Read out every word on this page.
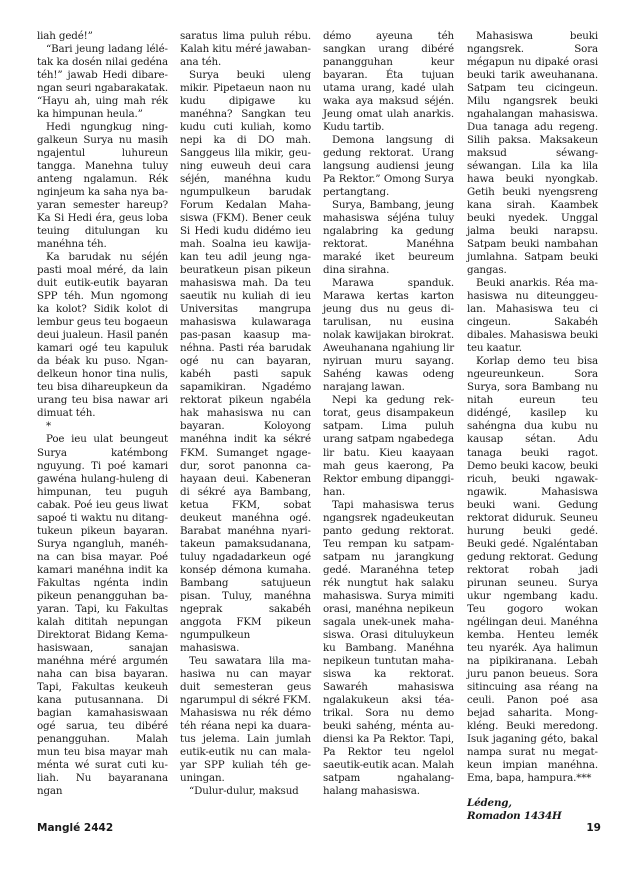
liah gedé!”

“Bari jeung ladang lélétak ka dosén nilai gedéna téh!” jawab Hedi dibarengan seuri ngabarakatak. “Hayu ah, uing mah rék ka himpunan heula.”

Hedi ngungkug ninggalkeun Surya nu masih ngajentul luhureun tangga. Manehna tuluy anteng ngalamun. Rék nginjeum ka saha nya bayaran semester hareup? Ka Si Hedi éra, geus loba teuing ditulungan ku manéhna téh.

Ka barudak nu séjén pasti moal méré, da lain duit eutik-eutik bayaran SPP téh. Mun ngomong ka kolot? Sidik kolot di lembur geus teu bogaeun deui jualeun. Hasil panén kamari ogé teu kapuluk da béak ku puso. Ngandelkeun honor tina nulis, teu bisa dihareupkeun da urang teu bisa nawar ari dimuat téh.

*

Poe ieu ulat beungeut Surya katémbong nguyung. Ti poé kamari gawéna hulang-huleng di himpunan, teu puguh cabak. Poé ieu geus liwat sapoé ti waktu nu ditangtukeun pikeun bayaran. Surya ngangluh, manéhna can bisa mayar. Poé kamari manéhna indit ka Fakultas ngénta indin pikeun penangguhan bayaran. Tapi, ku Fakultas kalah dititah nepungan Direktorat Bidang Kemahasiswaan, sanajan manéhna méré argumén naha can bisa bayaran. Tapi, Fakultas keukeuh kana putusannana. Di bagian kamahasiswaan ogé sarua, teu dibéré penangguhan. Malah mun teu bisa mayar mah ménta wé surat cuti kuliah. Nu bayaranana ngan

saratus lima puluh rébu. Kalah kitu méré jawabanana téh.

Surya beuki uleng mikir. Pipetaeun naon nu kudu dipigawe ku manéhna? Sangkan teu kudu cuti kuliah, komo nepi ka di DO mah. Sanggeus lila mikir, geuning euweuh deui cara séjén, manéhna kudu ngumpulkeun barudak Forum Kedalan Mahasiswa (FKM). Bener ceuk Si Hedi kudu didémo ieu mah. Soalna ieu kawijakan teu adil jeung ngabeuratkeun pisan pikeun mahasiswa mah. Da teu saeutik nu kuliah di ieu Universitas mangrupa mahasiswa kulawaraga pas-pasan kaasup manéhna. Pasti réa barudak ogé nu can bayaran, kabéh pasti sapuk sapamikiran. Ngadémo rektorat pikeun ngabéla hak mahasiswa nu can bayaran. Koloyong manéhna indit ka sékré FKM. Sumanget ngagedur, sorot panonna cahayaan deui. Kabeneran di sékré aya Bambang, ketua FKM, sobat deukeut manéhna ogé. Barabat manéhna nyaritakeun pamaksudanana, tuluy ngadadarkeun ogé konsép démona kumaha. Bambang satujueun pisan. Tuluy, manéhna ngeprak sakabéh anggota FKM pikeun ngumpulkeun mahasiswa.

Teu sawatara lila mahasiwa nu can mayar duit semesteran geus ngarumpul di sékré FKM. Mahasiswa nu rék démo téh réana nepi ka duaratus jelema. Lain jumlah eutik-eutik nu can malayar SPP kuliah téh geuningan.

“Dulur-dulur, maksud

démo ayeuna téh sangkan urang dibéré panangguhan keur bayaran. Éta tujuan utama urang, kadé ulah waka aya maksud séjén. Jeung omat ulah anarkis. Kudu tartib.

Demona langsung di gedung rektorat. Urang langsung audiensi jeung Pa Rektor.” Omong Surya pertangtang.

Surya, Bambang, jeung mahasiswa séjéna tuluy ngalabring ka gedung rektorat. Manéhna maraké iket beureum dina sirahna.

Marawa spanduk. Marawa kertas karton jeung dus nu geus ditarulisan, nu eusina nolak kawijakan birokrat. Aweuhanana ngahiung lir nyiruan muru sayang. Sahéng kawas odeng narajang lawan.

Nepi ka gedung rektorat, geus disampakeun satpam. Lima puluh urang satpam ngabedega lir batu. Kieu kaayaan mah geus kaerong, Pa Rektor embung dipanggihan.

Tapi mahasiswa terus ngangsrek ngadeukeutan panto gedung rektorat. Teu rempan ku satpam-satpam nu jarangkung gedé. Maranéhna tetep rék nungtut hak salaku mahasiswa. Surya mimiti orasi, manéhna nepikeun sagala unek-unek mahasiswa. Orasi dituluykeun ku Bambang. Manéhna nepikeun tuntutan mahasiswa ka rektorat. Sawaréh mahasiswa ngalakukeun aksi téatrikal. Sora nu demo beuki sahéng, ménta audiensi ka Pa Rektor. Tapi, Pa Rektor teu ngelol saeutik-eutik acan. Malah satpam ngahalang-halang mahasiswa.

Mahasiswa beuki ngangsrek. Sora mégapun nu dipaké orasi beuki tarik aweuhanana. Satpam teu cicingeun. Milu ngangsrek beuki ngahalangan mahasiswa. Dua tanaga adu regeng. Silih paksa. Maksakeun maksud séwang-séwangan. Lila ka lila hawa beuki nyongkab. Getih beuki nyengsreng kana sirah. Kaambek beuki nyedek. Unggal jalma beuki narapsu. Satpam beuki nambahan jumlahna. Satpam beuki gangas.

Beuki anarkis. Réa mahasiswa nu diteunggeulan. Mahasiswa teu ci cingeun. Sakabéh dibales. Mahasiswa beuki teu kaatur.

Korlap demo teu bisa ngeureunkeun. Sora Surya, sora Bambang nu nitah eureun teu didéngé, kasilep ku sahéngna dua kubu nu kausap sétan. Adu tanaga beuki ragot. Demo beuki kacow, beuki ricuh, beuki ngawakngawik. Mahasiswa beuki wani. Gedung rektorat diduruk. Seuneu hurung beuki gedé. Beuki gedé. Ngaléntaban gedung rektorat. Gedung rektorat robah jadi pirunan seuneu. Surya ukur ngembang kadu. Teu gogoro wokan ngélingan deui. Manéhna kemba. Henteu lemék teu nyarék. Aya halimun na pipikiranana. Lebah juru panon beueus. Sora sitincuing asa réang na ceuli. Panon poé asa bejad saharita. Mongkléng. Beuki meredong. Isuk jaganing géto, bakal nampa surat nu megatkeun impian manéhna. Ema, bapa, hampura.***

Lédeng,

Romadon 1434H

Manglé 2442	19
